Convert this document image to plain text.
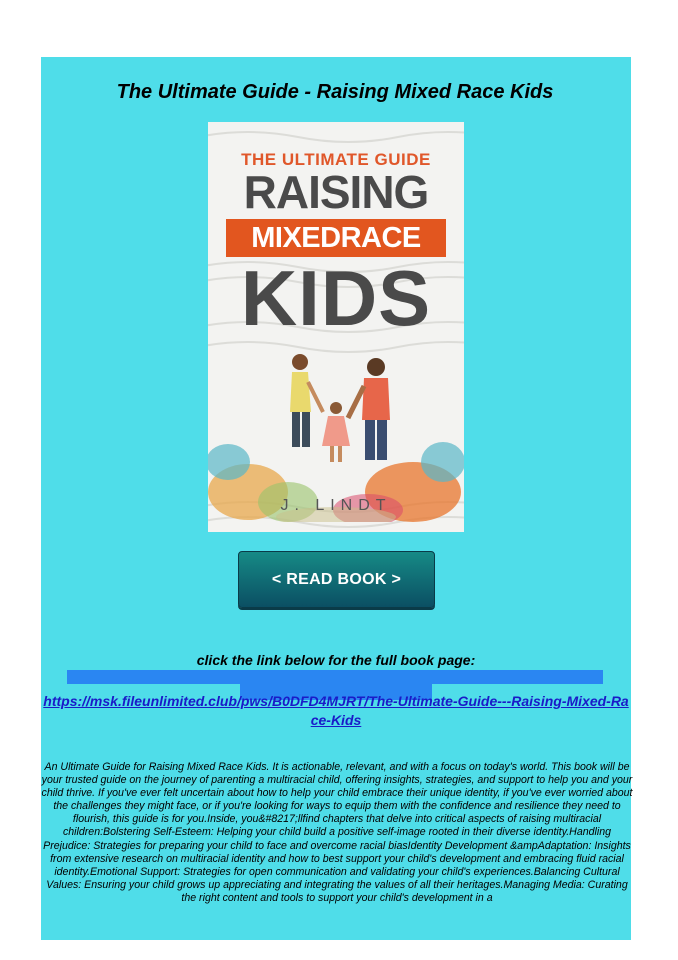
The Ultimate Guide - Raising Mixed Race Kids
THE ULTIMATE GUIDE
RAISING
MIXEDRACE
KIDS
J. LINDT
< READ BOOK >
click the link below for the full book page:
https://msk.fileunlimited.club/pws/B0DFD4MJRT/The-Ultimate-Guide---Raising-Mixed-Race-Kids

An Ultimate Guide for Raising Mixed Race Kids. It is actionable, relevant, and with a focus on today's world. This book will be your trusted guide on the journey of parenting a multiracial child, offering insights, strategies, and support to help you and your child thrive. If you've ever felt uncertain about how to help your child embrace their unique identity, if you've ever worried about the challenges they might face, or if you're looking for ways to equip them with the confidence and resilience they need to flourish, this guide is for you.Inside, you&#8217;llfind chapters that delve into critical aspects of raising multiracial children:Bolstering Self-Esteem: Helping your child build a positive self-image rooted in their diverse identity.Handling Prejudice: Strategies for preparing your child to face and overcome racial biasIdentity Development &ampAdaptation: Insights from extensive research on multiracial identity and how to best support your child's development and embracing fluid racial identity.Emotional Support: Strategies for open communication and validating your child's experiences.Balancing Cultural Values: Ensuring your child grows up appreciating and integrating the values of all their heritages.Managing Media: Curating the right content and tools to support your child's development in a
